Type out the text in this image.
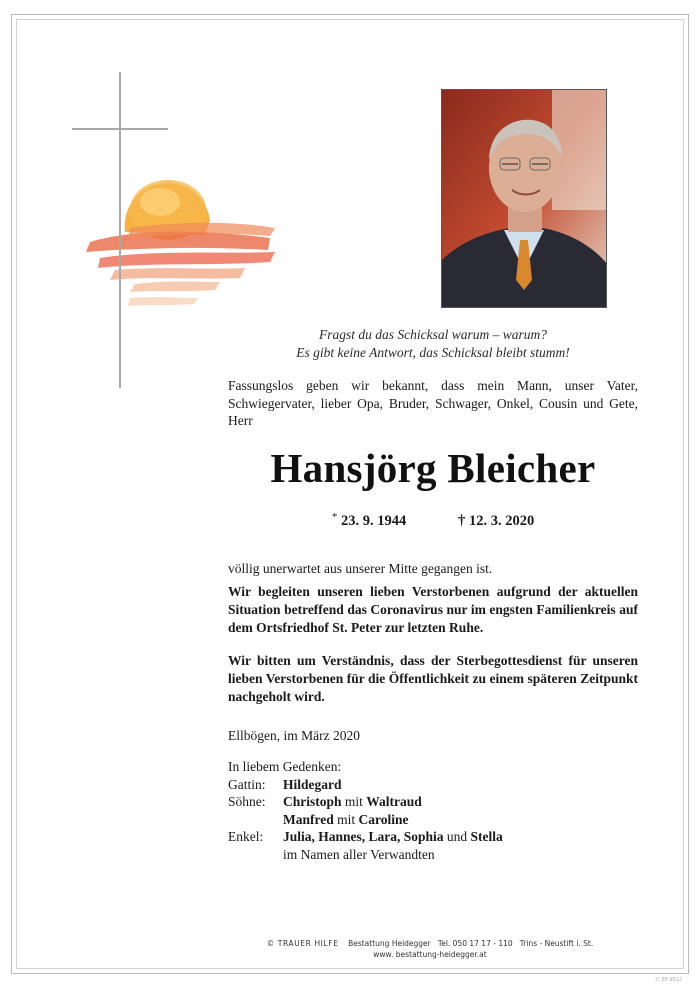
Fragst du das Schicksal warum – warum?
Es gibt keine Antwort, das Schicksal bleibt stumm!
Fassungslos geben wir bekannt, dass mein Mann, unser Vater, Schwiegervater, lieber Opa, Bruder, Schwager, Onkel, Cousin und Gete, Herr
Hansjörg Bleicher
* 23. 9. 1944	† 12. 3. 2020
völlig unerwartet aus unserer Mitte gegangen ist.
Wir begleiten unseren lieben Verstorbenen aufgrund der aktuellen Situation betreffend das Coronavirus nur im engsten Familienkreis auf dem Ortsfriedhof St. Peter zur letzten Ruhe.
Wir bitten um Verständnis, dass der Sterbegottesdienst für unseren lieben Verstorbenen für die Öffentlichkeit zu einem späteren Zeitpunkt nachgeholt wird.
Ellbögen, im März 2020
In liebem Gedenken:
Gattin:	Hildegard
Söhne:	Christoph mit Waltraud
Manfred mit Caroline
Enkel:	Julia, Hannes, Lara, Sophia und Stella
im Namen aller Verwandten
© TRAUER HILFE Bestattung Heidegger Tel. 050 17 17 - 110 Trins - Neustift i. St.
www. bestattung-heidegger.at
© EP 9012
